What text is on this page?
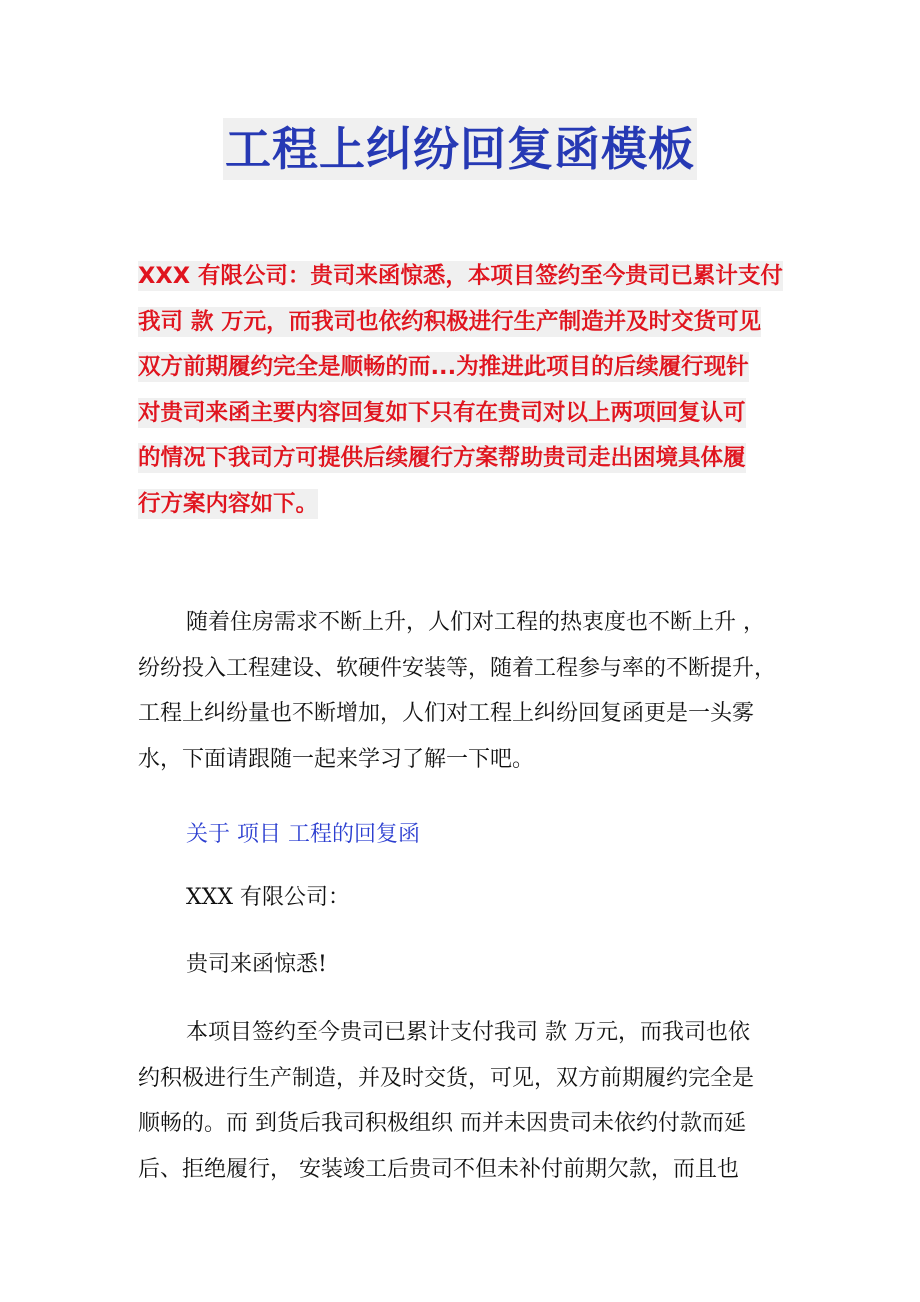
工程上纠纷回复函模板
XXX 有限公司：贵司来函惊悉，本项目签约至今贵司已累计支付
我司 款 万元，而我司也依约积极进行生产制造并及时交货可见
双方前期履约完全是顺畅的而...为推进此项目的后续履行现针
对贵司来函主要内容回复如下只有在贵司对以上两项回复认可
的情况下我司方可提供后续履行方案帮助贵司走出困境具体履
行方案内容如下。
随着住房需求不断上升，人们对工程的热衷度也不断上升 ，
纷纷投入工程建设、软硬件安装等，随着工程参与率的不断提升，
工程上纠纷量也不断增加，人们对工程上纠纷回复函更是一头雾
水，下面请跟随一起来学习了解一下吧。
关于 项目 工程的回复函
XXX 有限公司：
贵司来函惊悉!
本项目签约至今贵司已累计支付我司 款 万元，而我司也依
约积极进行生产制造，并及时交货，可见，双方前期履约完全是
顺畅的。而 到货后我司积极组织 而并未因贵司未依约付款而延
后、拒绝履行， 安装竣工后贵司不但未补付前期欠款，而且也
